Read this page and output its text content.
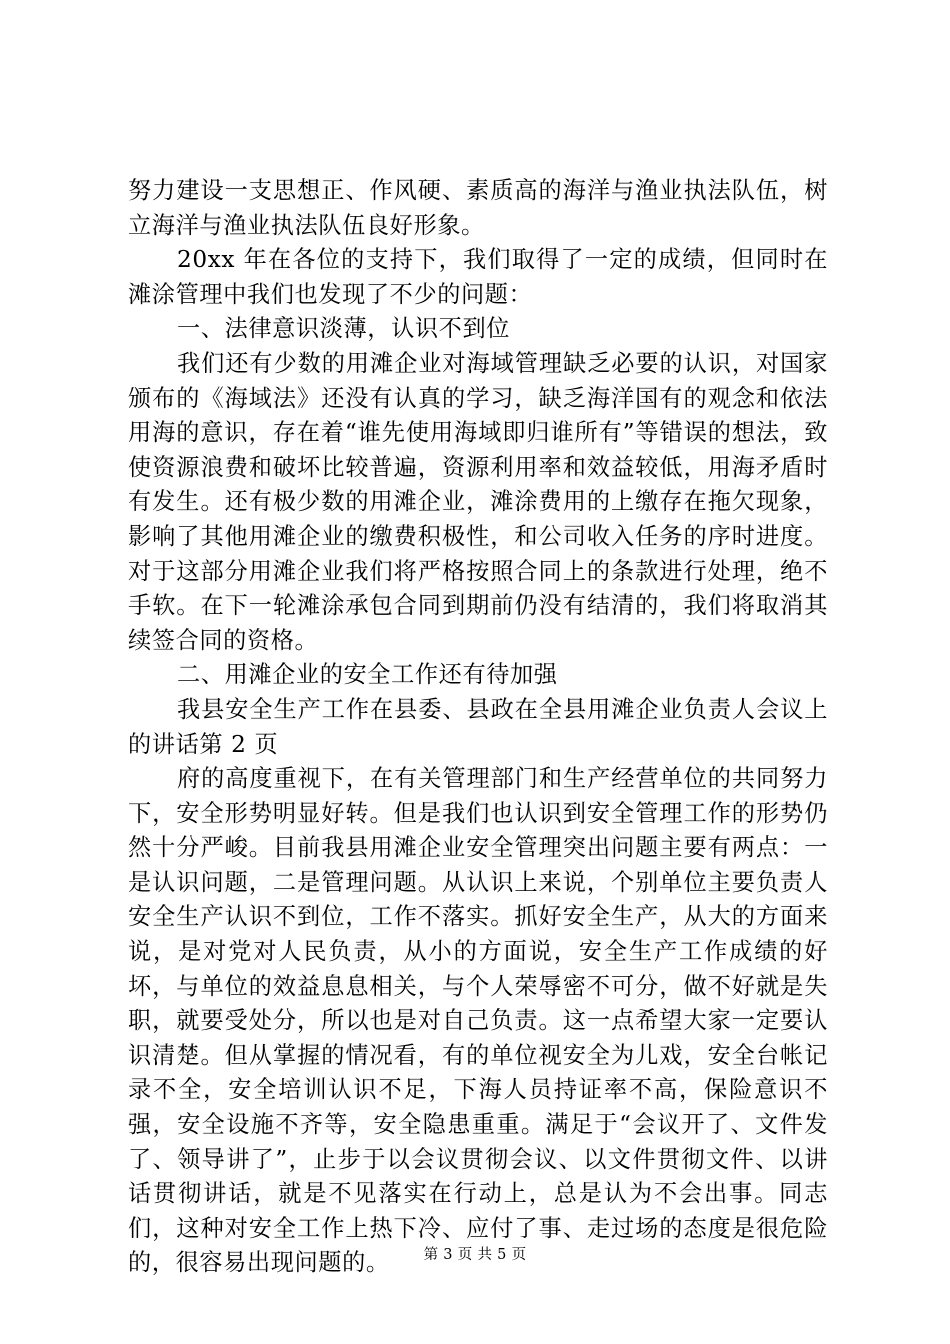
努力建设一支思想正、作风硬、素质高的海洋与渔业执法队伍，树立海洋与渔业执法队伍良好形象。

20xx 年在各位的支持下，我们取得了一定的成绩，但同时在滩涂管理中我们也发现了不少的问题：

一、法律意识淡薄，认识不到位

我们还有少数的用滩企业对海域管理缺乏必要的认识，对国家颁布的《海域法》还没有认真的学习，缺乏海洋国有的观念和依法用海的意识，存在着“谁先使用海域即归谁所有”等错误的想法，致使资源浪费和破坏比较普遍，资源利用率和效益较低，用海矛盾时有发生。还有极少数的用滩企业，滩涂费用的上缴存在拖欠现象，影响了其他用滩企业的缴费积极性，和公司收入任务的序时进度。对于这部分用滩企业我们将严格按照合同上的条款进行处理，绝不手软。在下一轮滩涂承包合同到期前仍没有结清的，我们将取消其续签合同的资格。

二、用滩企业的安全工作还有待加强

我县安全生产工作在县委、县政在全县用滩企业负责人会议上的讲话第 2 页

府的高度重视下，在有关管理部门和生产经营单位的共同努力下，安全形势明显好转。但是我们也认识到安全管理工作的形势仍然十分严峻。目前我县用滩企业安全管理突出问题主要有两点：一是认识问题，二是管理问题。从认识上来说，个别单位主要负责人安全生产认识不到位，工作不落实。抓好安全生产，从大的方面来说，是对党对人民负责，从小的方面说，安全生产工作成绩的好坏，与单位的效益息息相关，与个人荣辱密不可分，做不好就是失职，就要受处分，所以也是对自己负责。这一点希望大家一定要认识清楚。但从掌握的情况看，有的单位视安全为儿戏，安全台帐记录不全，安全培训认识不足，下海人员持证率不高，保险意识不强，安全设施不齐等，安全隐患重重。满足于“会议开了、文件发了、领导讲了”，止步于以会议贯彻会议、以文件贯彻文件、以讲话贯彻讲话，就是不见落实在行动上，总是认为不会出事。同志们，这种对安全工作上热下冷、应付了事、走过场的态度是很危险的，很容易出现问题的。	第 3 页 共 5 页
